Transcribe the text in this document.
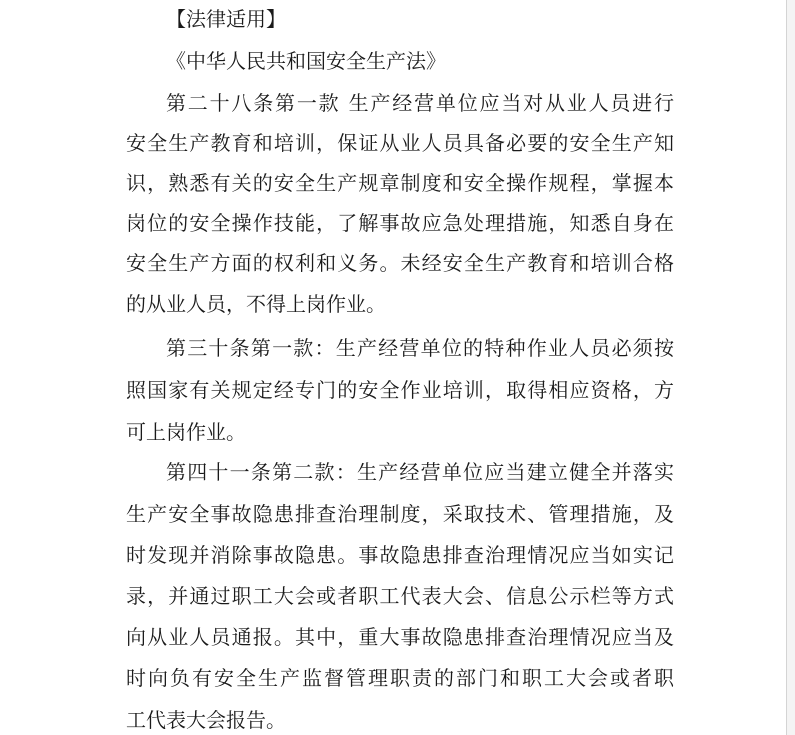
【法律适用】

《中华人民共和国安全生产法》

第二十八条第一款 生产经营单位应当对从业人员进行

安全生产教育和培训，保证从业人员具备必要的安全生产知

识，熟悉有关的安全生产规章制度和安全操作规程，掌握本

岗位的安全操作技能，了解事故应急处理措施，知悉自身在

安全生产方面的权利和义务。未经安全生产教育和培训合格

的从业人员，不得上岗作业。

第三十条第一款：生产经营单位的特种作业人员必须按

照国家有关规定经专门的安全作业培训，取得相应资格，方

可上岗作业。

第四十一条第二款：生产经营单位应当建立健全并落实

生产安全事故隐患排查治理制度，采取技术、管理措施，及

时发现并消除事故隐患。事故隐患排查治理情况应当如实记

录，并通过职工大会或者职工代表大会、信息公示栏等方式

向从业人员通报。其中，重大事故隐患排查治理情况应当及

时向负有安全生产监督管理职责的部门和职工大会或者职

工代表大会报告。
